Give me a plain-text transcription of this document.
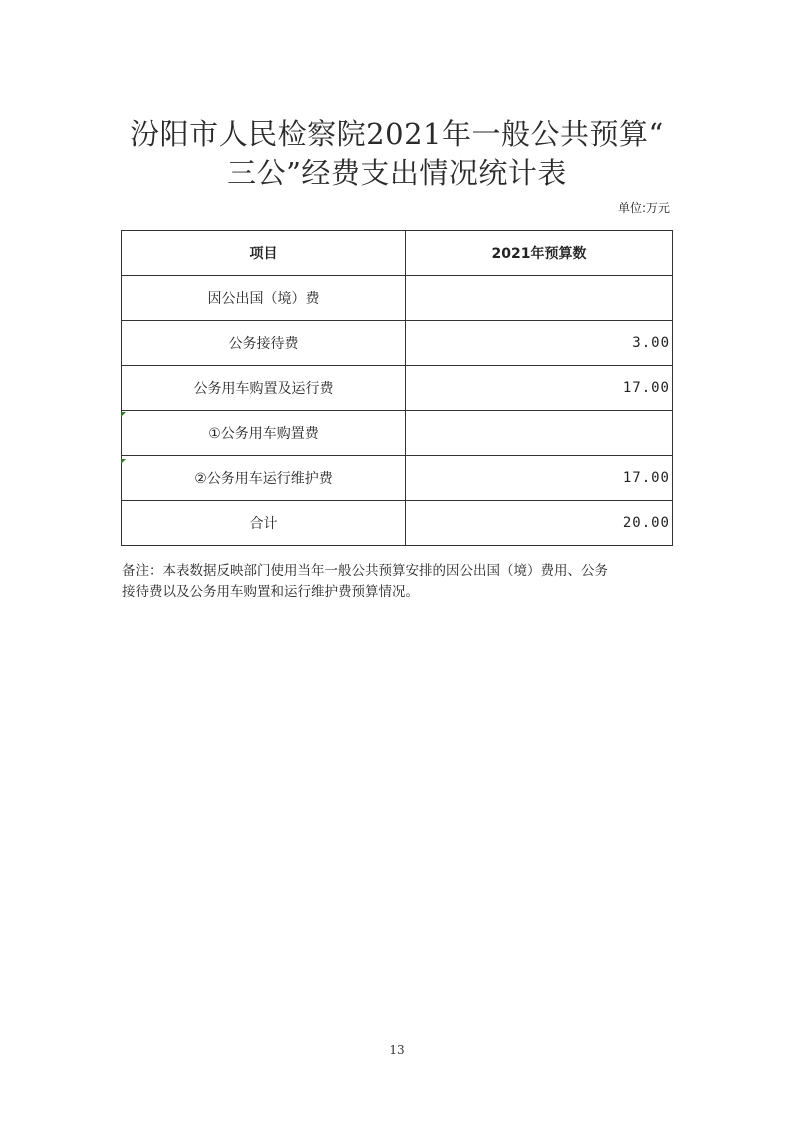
汾阳市人民检察院2021年一般公共预算“
三公”经费支出情况统计表
单位:万元
项目	2021年预算数
因公出国（境）费	
公务接待费	3.00
公务用车购置及运行费	17.00
①公务用车购置费	
②公务用车运行维护费	17.00
合计	20.00
备注：本表数据反映部门使用当年一般公共预算安排的因公出国（境）费用、公务
接待费以及公务用车购置和运行维护费预算情况。
13
